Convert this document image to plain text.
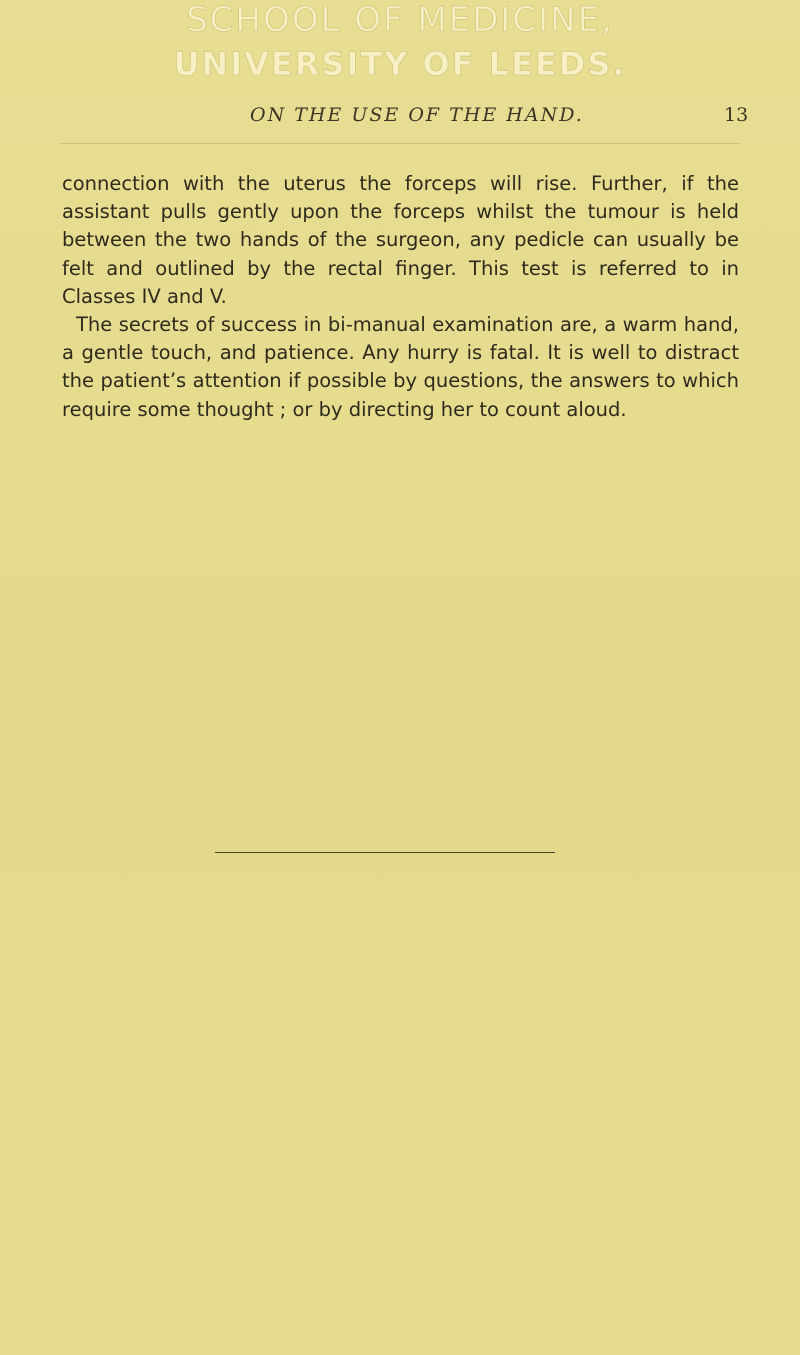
SCHOOL OF MEDICINE,
UNIVERSITY OF LEEDS.
ON THE USE OF THE HAND.	13

connection with the uterus the forceps will rise. Further, if the assistant pulls gently upon the forceps whilst the tumour is held between the two hands of the surgeon, any pedicle can usually be felt and outlined by the rectal finger. This test is referred to in Classes IV and V.

The secrets of success in bi-manual examination are, a warm hand, a gentle touch, and patience. Any hurry is fatal. It is well to distract the patient’s attention if possible by questions, the answers to which require some thought ; or by directing her to count aloud.
